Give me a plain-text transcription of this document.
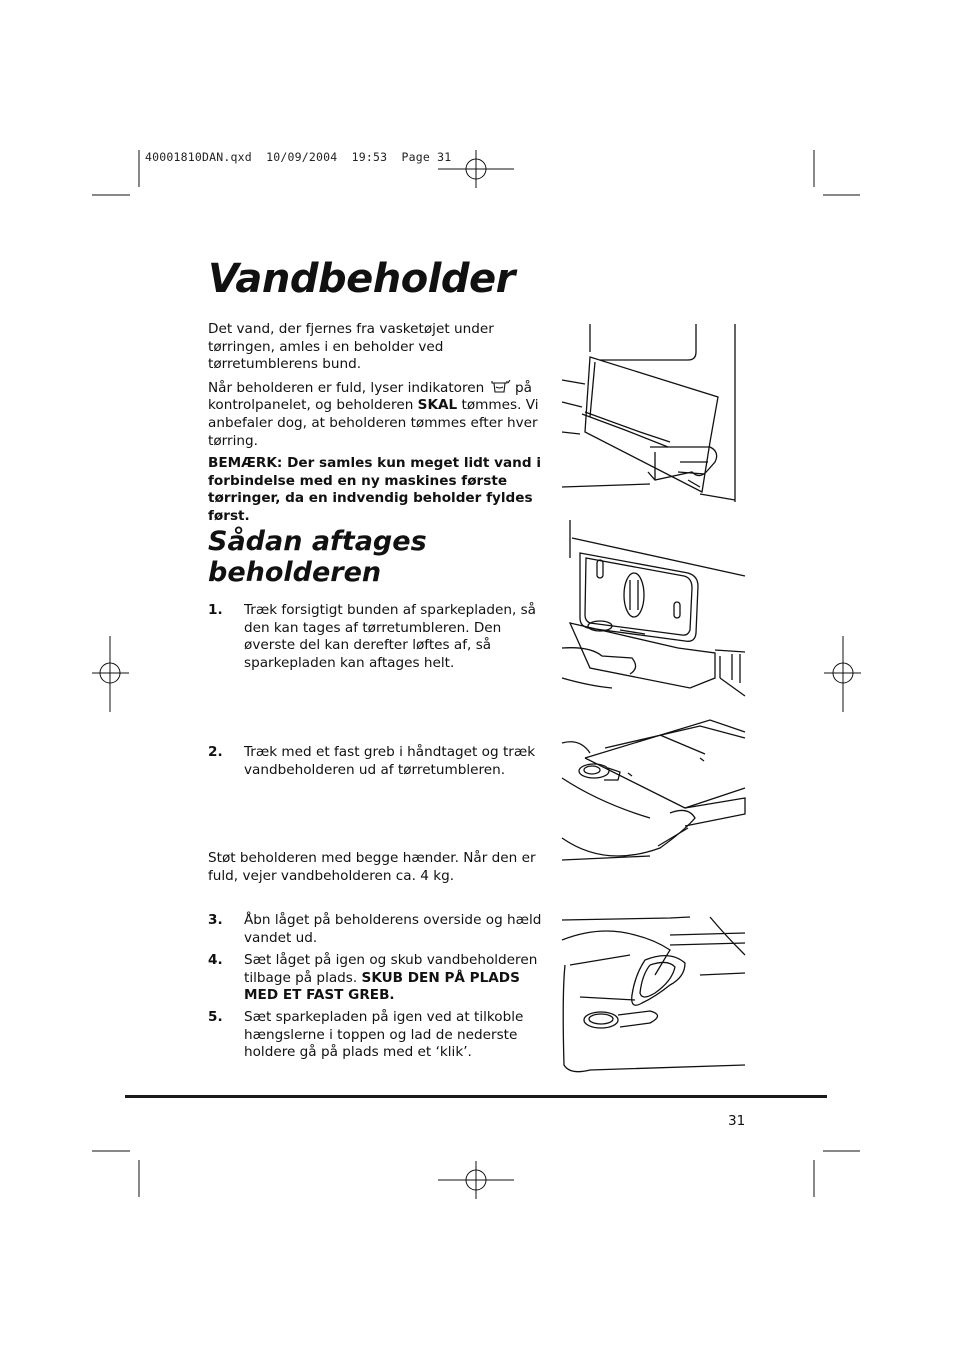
40001810DAN.qxd  10/09/2004  19:53  Page 31
Vandbeholder

Det vand, der fjernes fra vasketøjet under tørringen, amles i en beholder ved tørretumblerens bund.

Når beholderen er fuld, lyser indikatoren på kontrolpanelet, og beholderen SKAL tømmes. Vi anbefaler dog, at beholderen tømmes efter hver tørring.

BEMÆRK: Der samles kun meget lidt vand i forbindelse med en ny maskines første tørringer, da en indvendig beholder fyldes først.

Sådan aftages beholderen
1.	Træk forsigtigt bunden af sparkepladen, så den kan tages af tørretumbleren. Den øverste del kan derefter løftes af, så sparkepladen kan aftages helt.
2.	Træk med et fast greb i håndtaget og træk vandbeholderen ud af tørretumbleren.

Støt beholderen med begge hænder. Når den er fuld, vejer vandbeholderen ca. 4 kg.

3.	Åbn låget på beholderens overside og hæld vandet ud.
4.	Sæt låget på igen og skub vandbeholderen tilbage på plads. SKUB DEN PÅ PLADS MED ET FAST GREB.
5.	Sæt sparkepladen på igen ved at tilkoble hængslerne i toppen og lad de nederste holdere gå på plads med et ‘klik’.
31
